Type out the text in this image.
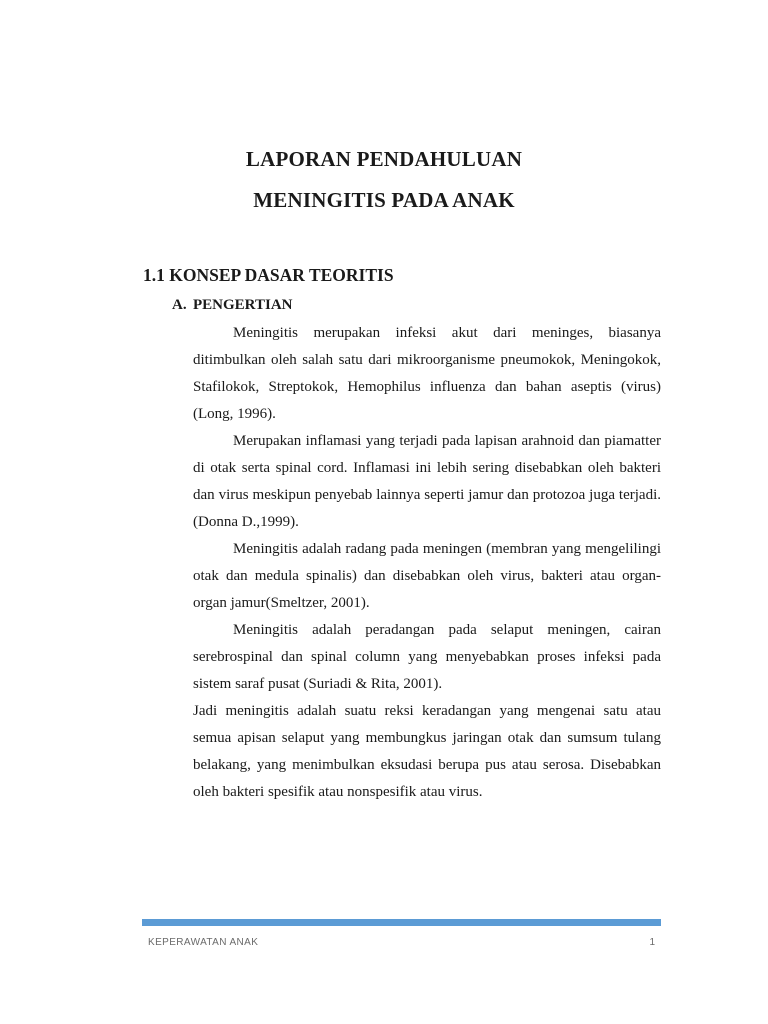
LAPORAN PENDAHULUAN
MENINGITIS PADA ANAK
1.1 KONSEP DASAR TEORITIS
A. PENGERTIAN

Meningitis merupakan infeksi akut dari meninges, biasanya ditimbulkan oleh salah satu dari mikroorganisme pneumokok, Meningokok, Stafilokok, Streptokok, Hemophilus influenza dan bahan aseptis (virus) (Long, 1996).

Merupakan inflamasi yang terjadi pada lapisan arahnoid dan piamatter di otak serta spinal cord. Inflamasi ini lebih sering disebabkan oleh bakteri dan virus meskipun penyebab lainnya seperti jamur dan protozoa juga terjadi. (Donna D.,1999).

Meningitis adalah radang pada meningen (membran yang mengelilingi otak dan medula spinalis) dan disebabkan oleh virus, bakteri atau organ-organ jamur(Smeltzer, 2001).

Meningitis adalah peradangan pada selaput meningen, cairan serebrospinal dan spinal column yang menyebabkan proses infeksi pada sistem saraf pusat (Suriadi & Rita, 2001).

Jadi meningitis adalah suatu reksi keradangan yang mengenai satu atau semua apisan selaput yang membungkus jaringan otak dan sumsum tulang belakang, yang menimbulkan eksudasi berupa pus atau serosa. Disebabkan oleh bakteri spesifik atau nonspesifik atau virus.

KEPERAWATAN ANAK	1
